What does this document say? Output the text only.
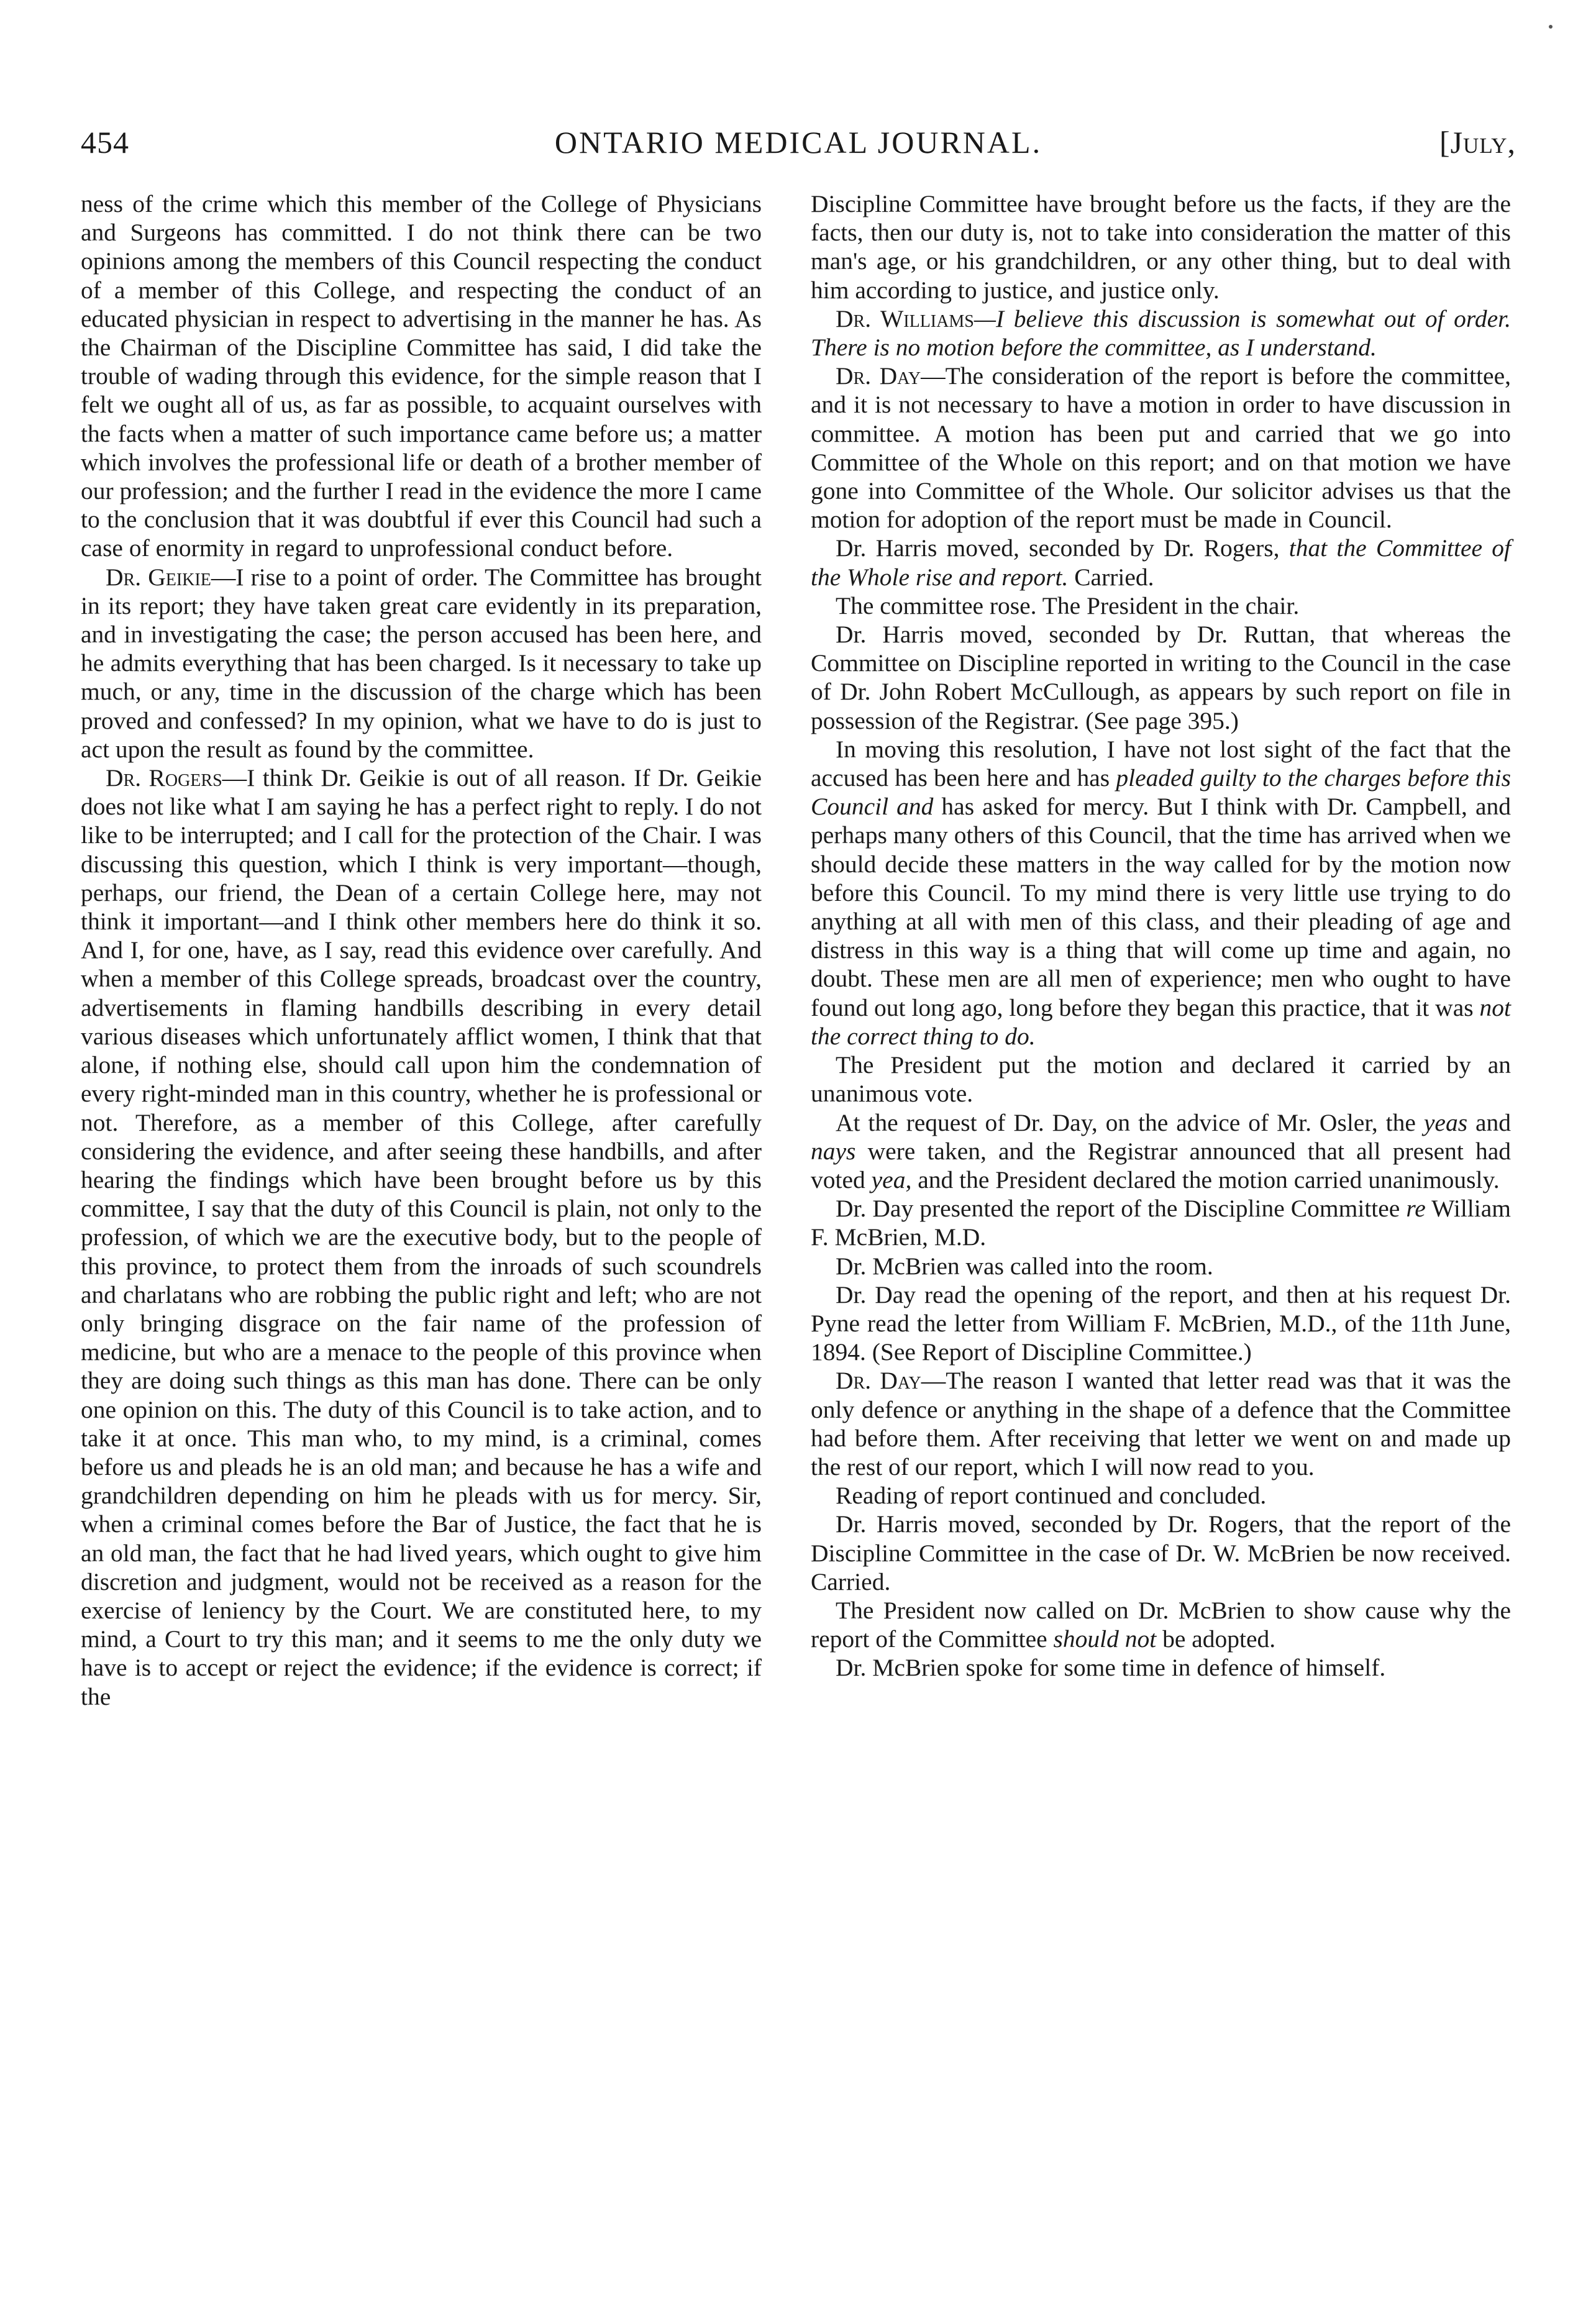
454	ONTARIO MEDICAL JOURNAL.	[July,

ness of the crime which this member of the College of Physicians and Surgeons has committed. I do not think there can be two opinions among the members of this Council respecting the conduct of a member of this College, and respecting the conduct of an educated physician in respect to advertising in the manner he has. As the Chairman of the Discipline Committee has said, I did take the trouble of wading through this evidence, for the simple reason that I felt we ought all of us, as far as possible, to acquaint ourselves with the facts when a matter of such importance came before us; a matter which involves the professional life or death of a brother member of our profession; and the further I read in the evidence the more I came to the conclusion that it was doubtful if ever this Council had such a case of enormity in regard to unprofessional conduct before.

Dr. Geikie—I rise to a point of order. The Committee has brought in its report; they have taken great care evidently in its preparation, and in investigating the case; the person accused has been here, and he admits everything that has been charged. Is it necessary to take up much, or any, time in the discussion of the charge which has been proved and confessed? In my opinion, what we have to do is just to act upon the result as found by the committee.

Dr. Rogers—I think Dr. Geikie is out of all reason. If Dr. Geikie does not like what I am saying he has a perfect right to reply. I do not like to be interrupted; and I call for the protection of the Chair. I was discussing this question, which I think is very important—though, perhaps, our friend, the Dean of a certain College here, may not think it important—and I think other members here do think it so. And I, for one, have, as I say, read this evidence over carefully. And when a member of this College spreads, broadcast over the country, advertisements in flaming handbills describing in every detail various diseases which unfortunately afflict women, I think that that alone, if nothing else, should call upon him the condemnation of every right-minded man in this country, whether he is professional or not. Therefore, as a member of this College, after carefully considering the evidence, and after seeing these handbills, and after hearing the findings which have been brought before us by this committee, I say that the duty of this Council is plain, not only to the profession, of which we are the executive body, but to the people of this province, to protect them from the inroads of such scoundrels and charlatans who are robbing the public right and left; who are not only bringing disgrace on the fair name of the profession of medicine, but who are a menace to the people of this province when they are doing such things as this man has done. There can be only one opinion on this. The duty of this Council is to take action, and to take it at once. This man who, to my mind, is a criminal, comes before us and pleads he is an old man; and because he has a wife and grandchildren depending on him he pleads with us for mercy. Sir, when a criminal comes before the Bar of Justice, the fact that he is an old man, the fact that he had lived years, which ought to give him discretion and judgment, would not be received as a reason for the exercise of leniency by the Court. We are constituted here, to my mind, a Court to try this man; and it seems to me the only duty we have is to accept or reject the evidence; if the evidence is correct; if the

Discipline Committee have brought before us the facts, if they are the facts, then our duty is, not to take into consideration the matter of this man's age, or his grandchildren, or any other thing, but to deal with him according to justice, and justice only.

Dr. Williams—I believe this discussion is somewhat out of order. There is no motion before the committee, as I understand.

Dr. Day—The consideration of the report is before the committee, and it is not necessary to have a motion in order to have discussion in committee. A motion has been put and carried that we go into Committee of the Whole on this report; and on that motion we have gone into Committee of the Whole. Our solicitor advises us that the motion for adoption of the report must be made in Council.

Dr. Harris moved, seconded by Dr. Rogers, that the Committee of the Whole rise and report. Carried.

The committee rose. The President in the chair.

Dr. Harris moved, seconded by Dr. Ruttan, that whereas the Committee on Discipline reported in writing to the Council in the case of Dr. John Robert McCullough, as appears by such report on file in possession of the Registrar. (See page 395.)

In moving this resolution, I have not lost sight of the fact that the accused has been here and has pleaded guilty to the charges before this Council and has asked for mercy. But I think with Dr. Campbell, and perhaps many others of this Council, that the time has arrived when we should decide these matters in the way called for by the motion now before this Council. To my mind there is very little use trying to do anything at all with men of this class, and their pleading of age and distress in this way is a thing that will come up time and again, no doubt. These men are all men of experience; men who ought to have found out long ago, long before they began this practice, that it was not the correct thing to do.

The President put the motion and declared it carried by an unanimous vote.

At the request of Dr. Day, on the advice of Mr. Osler, the yeas and nays were taken, and the Registrar announced that all present had voted yea, and the President declared the motion carried unanimously.

Dr. Day presented the report of the Discipline Committee re William F. McBrien, M.D.

Dr. McBrien was called into the room.

Dr. Day read the opening of the report, and then at his request Dr. Pyne read the letter from William F. McBrien, M.D., of the 11th June, 1894. (See Report of Discipline Committee.)

Dr. Day—The reason I wanted that letter read was that it was the only defence or anything in the shape of a defence that the Committee had before them. After receiving that letter we went on and made up the rest of our report, which I will now read to you.

Reading of report continued and concluded.

Dr. Harris moved, seconded by Dr. Rogers, that the report of the Discipline Committee in the case of Dr. W. McBrien be now received. Carried.

The President now called on Dr. McBrien to show cause why the report of the Committee should not be adopted.

Dr. McBrien spoke for some time in defence of himself.
